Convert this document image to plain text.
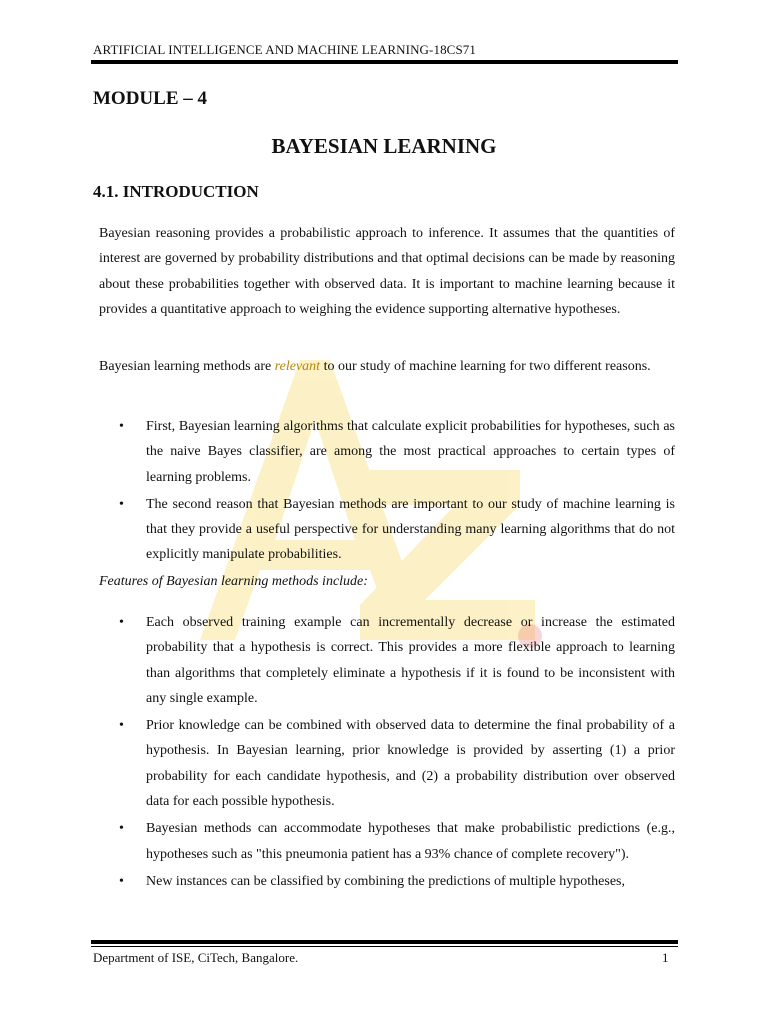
ARTIFICIAL INTELLIGENCE AND MACHINE LEARNING-18CS71
MODULE – 4
BAYESIAN LEARNING
4.1. INTRODUCTION

Bayesian reasoning provides a probabilistic approach to inference. It assumes that the quantities of interest are governed by probability distributions and that optimal decisions can be made by reasoning about these probabilities together with observed data. It is important to machine learning because it provides a quantitative approach to weighing the evidence supporting alternative hypotheses.

Bayesian learning methods are relevant to our study of machine learning for two different reasons.

• First, Bayesian learning algorithms that calculate explicit probabilities for hypotheses, such as the naive Bayes classifier, are among the most practical approaches to certain types of learning problems.
• The second reason that Bayesian methods are important to our study of machine learning is that they provide a useful perspective for understanding many learning algorithms that do not explicitly manipulate probabilities.

Features of Bayesian learning methods include:

• Each observed training example can incrementally decrease or increase the estimated probability that a hypothesis is correct. This provides a more flexible approach to learning than algorithms that completely eliminate a hypothesis if it is found to be inconsistent with any single example.
• Prior knowledge can be combined with observed data to determine the final probability of a hypothesis. In Bayesian learning, prior knowledge is provided by asserting (1) a prior probability for each candidate hypothesis, and (2) a probability distribution over observed data for each possible hypothesis.
• Bayesian methods can accommodate hypotheses that make probabilistic predictions (e.g., hypotheses such as "this pneumonia patient has a 93% chance of complete recovery").
• New instances can be classified by combining the predictions of multiple hypotheses,
Department of ISE, CiTech, Bangalore.	1
